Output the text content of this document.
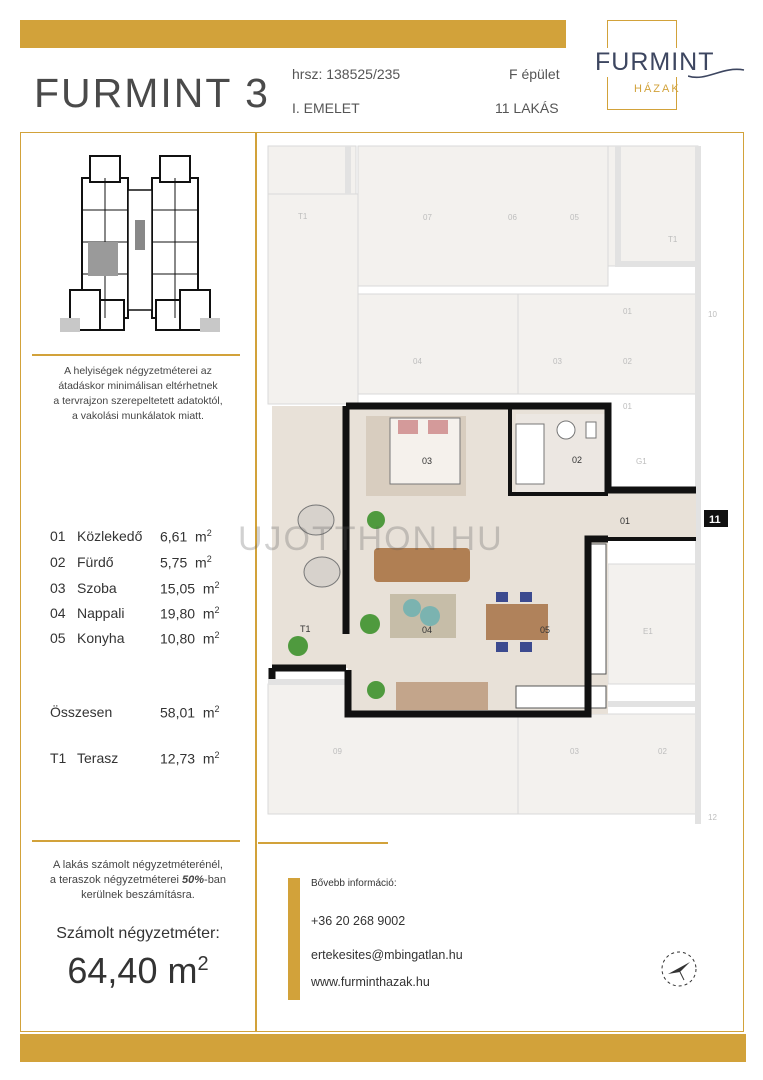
FURMINT 3 hrsz: 138525/235
I. EMELET
F épület
11 LAKÁS
FURMINT
HÁZAK
A helyiségek négyzetméterei az
átadáskor minimálisan eltérhetnek
a tervrajzon szerepeltetett adatoktól,
a vakolási munkálatok miatt.
01 Közlekedő 6,61 $m^2$
02 Fürdő	5,75 $m^2$
03 Szoba	15,05 $m^2$
04 Nappali	19,80 $m^2$
05 Konyha	10,80 $m^2$
Összesen	58,01 $m^2$
T1 Terasz	12,73 $m^2$
A lakás számolt négyzetméterénél,
a teraszok négyzetméterei 50%-ban
kerülnek beszámításra.
Számolt négyzetméter:
64,40 $m^2$
Bővebb információ:
+36 20 268 9002
ertekesites@mbingatlan.hu
www.furminthazak.hu
T1	07	06	05
T1
10
04	03	02
G1
01
E1
09	03
12
02
01
03	02
01
04	05
T1
11
UJOTTHON HU
